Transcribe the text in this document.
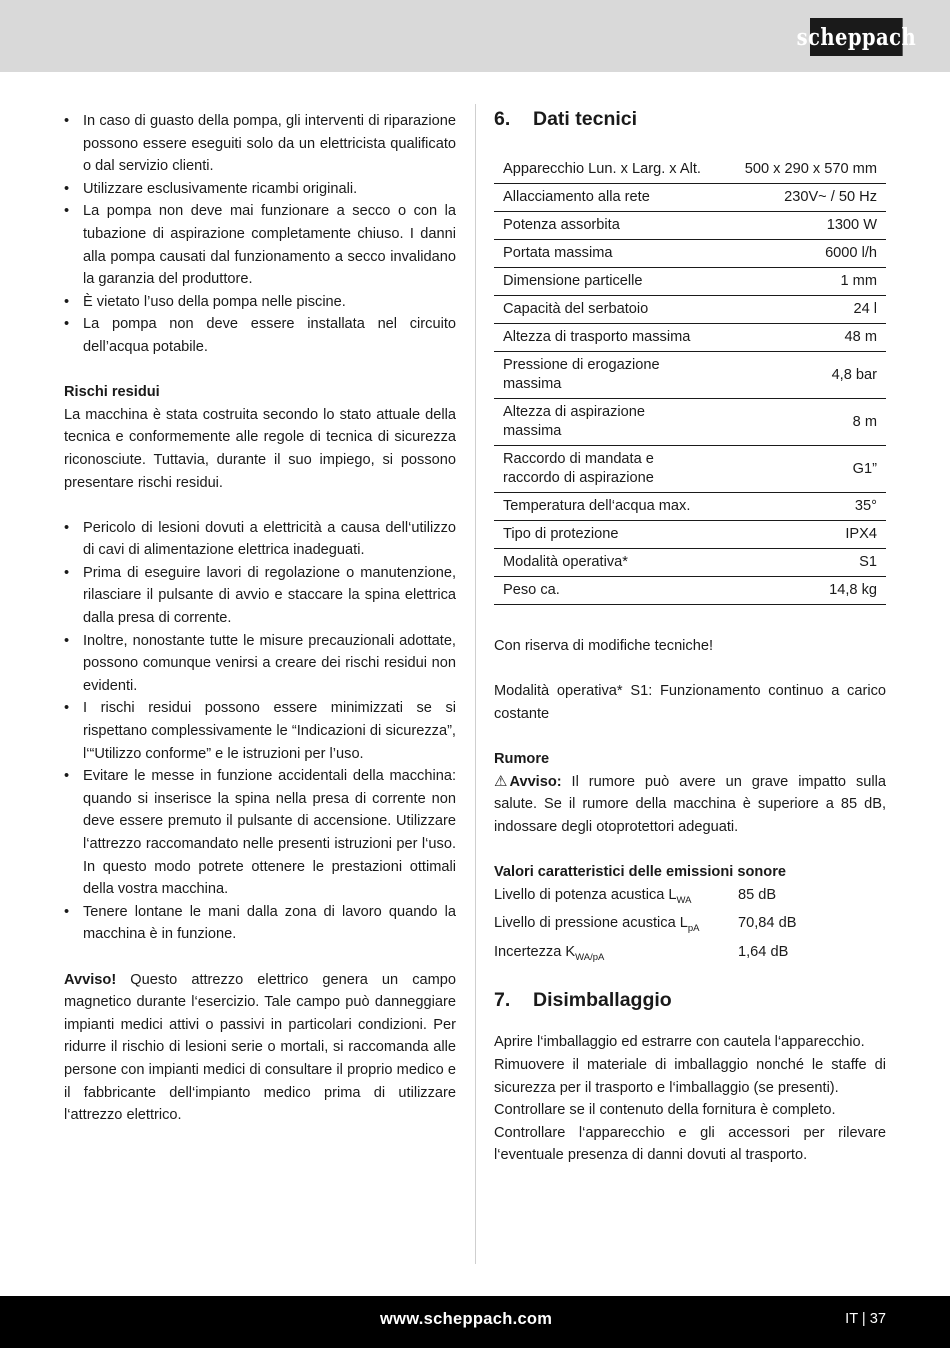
scheppach
• In caso di guasto della pompa, gli interventi di riparazione possono essere eseguiti solo da un elettricista qualificato o dal servizio clienti.
• Utilizzare esclusivamente ricambi originali.
• La pompa non deve mai funzionare a secco o con la tubazione di aspirazione completamente chiuso. I danni alla pompa causati dal funzionamento a secco invalidano la garanzia del produttore.
• È vietato l’uso della pompa nelle piscine.
• La pompa non deve essere installata nel circuito dell’acqua potabile.
Rischi residui
La macchina è stata costruita secondo lo stato attuale della tecnica e conformemente alle regole di tecnica di sicurezza riconosciute. Tuttavia, durante il suo impiego, si possono presentare rischi residui.
• Pericolo di lesioni dovuti a elettricità a causa dell‘utilizzo di cavi di alimentazione elettrica inadeguati.
• Prima di eseguire lavori di regolazione o manutenzione, rilasciare il pulsante di avvio e staccare la spina elettrica dalla presa di corrente.
• Inoltre, nonostante tutte le misure precauzionali adottate, possono comunque venirsi a creare dei rischi residui non evidenti.
• I rischi residui possono essere minimizzati se si rispettano complessivamente le “Indicazioni di sicurezza”, l‘“Utilizzo conforme” e le istruzioni per l’uso.
• Evitare le messe in funzione accidentali della macchina: quando si inserisce la spina nella presa di corrente non deve essere premuto il pulsante di accensione. Utilizzare l‘attrezzo raccomandato nelle presenti istruzioni per l‘uso. In questo modo potrete ottenere le prestazioni ottimali della vostra macchina.
• Tenere lontane le mani dalla zona di lavoro quando la macchina è in funzione.
Avviso! Questo attrezzo elettrico genera un campo magnetico durante l‘esercizio. Tale campo può danneggiare impianti medici attivi o passivi in particolari condizioni. Per ridurre il rischio di lesioni serie o mortali, si raccomanda alle persone con impianti medici di consultare il proprio medico e il fabbricante dell‘impianto medico prima di utilizzare l‘attrezzo elettrico.
6.	Dati tecnici
Apparecchio Lun. x Larg. x Alt.	500 x 290 x 570 mm
Allacciamento alla rete	230V~ / 50 Hz
Potenza assorbita	1300 W
Portata massima	6000 l/h
Dimensione particelle	1 mm
Capacità del serbatoio	24 l
Altezza di trasporto massima	48 m
Pressione di erogazione massima	4,8 bar
Altezza di aspirazione massima	8 m
Raccordo di mandata e raccordo di aspirazione	G1”
Temperatura dell‘acqua max.	35°
Tipo di protezione	IPX4
Modalità operativa*	S1
Peso ca.	14,8 kg
Con riserva di modifiche tecniche!
Modalità operativa* S1: Funzionamento continuo a carico costante
Rumore
⚠ Avviso: Il rumore può avere un grave impatto sulla salute. Se il rumore della macchina è superiore a 85 dB, indossare degli otoprotettori adeguati.
Valori caratteristici delle emissioni sonore
Livello di potenza acustica $L_{WA}$	85 dB
Livello di pressione acustica $L_{pA}$	70,84 dB
Incertezza $K_{WA/pA}$	1,64 dB
7.	Disimballaggio
Aprire l‘imballaggio ed estrarre con cautela l‘apparecchio.
Rimuovere il materiale di imballaggio nonché le staffe di sicurezza per il trasporto e l‘imballaggio (se presenti).
Controllare se il contenuto della fornitura è completo.
Controllare l‘apparecchio e gli accessori per rilevare l‘eventuale presenza di danni dovuti al trasporto.
www.scheppach.com	IT | 37
